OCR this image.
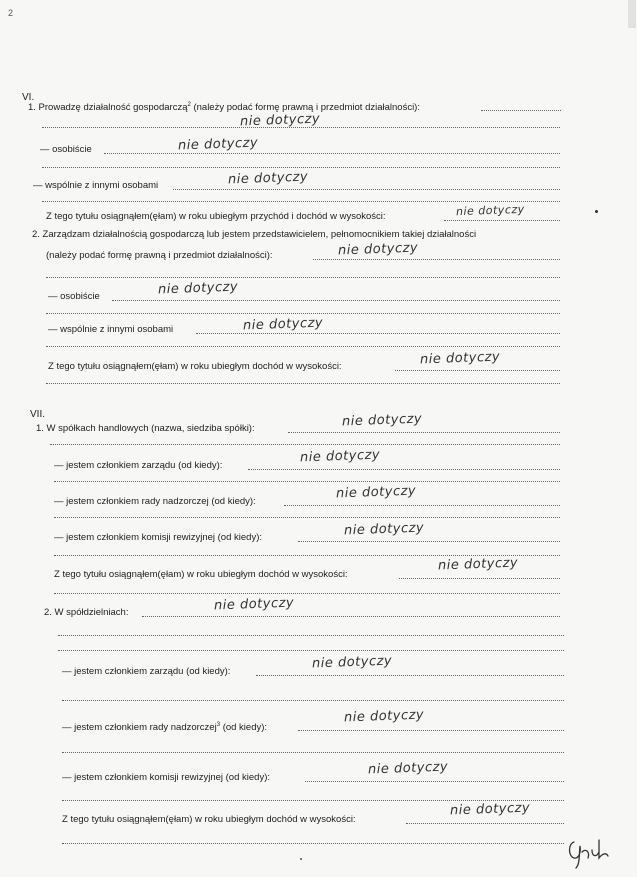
2
VI.
1. Prowadzę działalność gospodarczą$^2$ (należy podać formę prawną i przedmiot działalności):
nie dotyczy
— osobiście	nie dotyczy
— wspólnie z innymi osobami	nie dotyczy
Z tego tytułu osiągnąłem(ęłam) w roku ubiegłym przychód i dochód w wysokości:	nie dotyczy
2. Zarządzam działalnością gospodarczą lub jestem przedstawicielem, pełnomocnikiem takiej działalności
(należy podać formę prawną i przedmiot działalności):	nie dotyczy
— osobiście	nie dotyczy
— wspólnie z innymi osobami	nie dotyczy
Z tego tytułu osiągnąłem(ęłam) w roku ubiegłym dochód w wysokości:	nie dotyczy
VII.
1. W spółkach handlowych (nazwa, siedziba spółki):	nie dotyczy
— jestem członkiem zarządu (od kiedy):
nie dotyczy
— jestem członkiem rady nadzorczej (od kiedy):
nie dotyczy
— jestem członkiem komisji rewizyjnej (od kiedy):	nie dotyczy
Z tego tytułu osiągnąłem(ęłam) w roku ubiegłym dochód w wysokości:
nie dotyczy
2. W spółdzielniach:	nie dotyczy
— jestem członkiem zarządu (od kiedy):
nie dotyczy
— jestem członkiem rady nadzorczej$^3$ (od kiedy):
nie dotyczy
— jestem członkiem komisji rewizyjnej (od kiedy):
nie dotyczy
Z tego tytułu osiągnąłem(ęłam) w roku ubiegłym dochód w wysokości:
nie dotyczy
